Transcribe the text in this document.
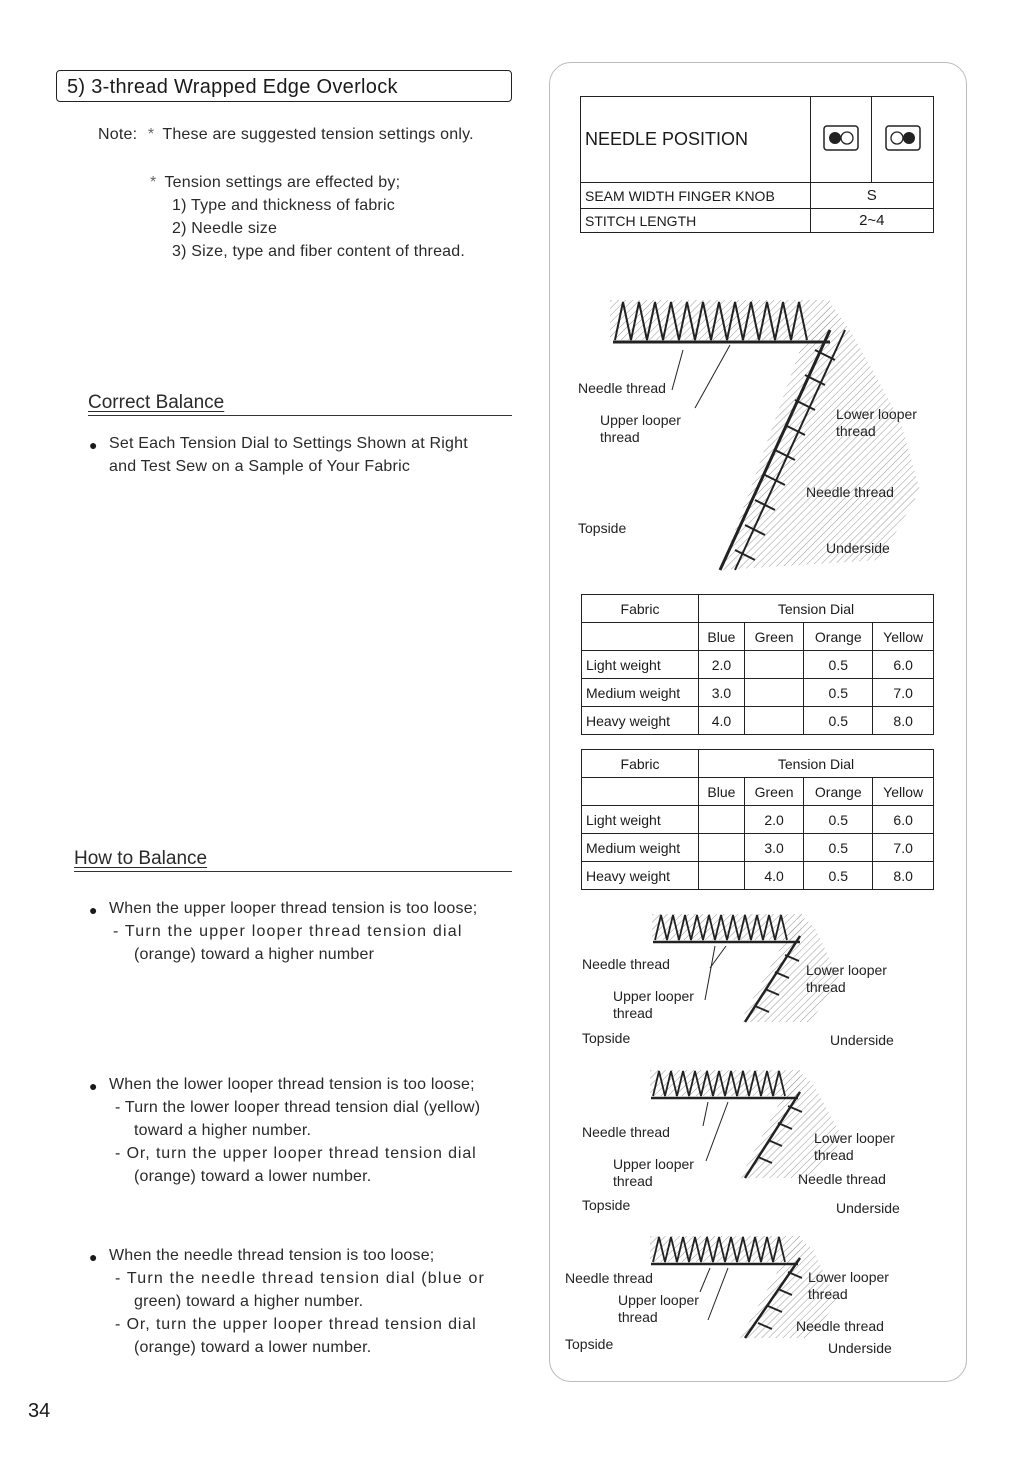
5) 3-thread Wrapped Edge Overlock
Note: * These are suggested tension settings only.
* Tension settings are effected by;
1) Type and thickness of fabric
2) Needle size
3) Size, type and fiber content of thread.
Correct Balance
● Set Each Tension Dial to Settings Shown at Right
and Test Sew on a Sample of Your Fabric
How to Balance
● When the upper looper thread tension is too loose;
- Turn the upper looper thread tension dial
(orange) toward a higher number
● When the lower looper thread tension is too loose;
- Turn the lower looper thread tension dial (yellow)
toward a higher number.
- Or, turn the upper looper thread tension dial
(orange) toward a lower number.
● When the needle thread tension is too loose;
- Turn the needle thread tension dial (blue or
green) toward a higher number.
- Or, turn the upper looper thread tension dial
(orange) toward a lower number.
NEEDLE POSITION		
SEAM WIDTH FINGER KNOB	S	
STITCH LENGTH	2~4	
Needle thread
Upper looper
thread
Lower looper
thread
Needle thread
Topside
Underside
Fabric	Tension Dial			
	Blue	Green	Orange	Yellow
Light weight	2.0		0.5	6.0
Medium weight	3.0		0.5	7.0
Heavy weight	4.0		0.5	8.0
Fabric	Tension Dial			
	Blue	Green	Orange	Yellow
Light weight		2.0	0.5	6.0
Medium weight		3.0	0.5	7.0
Heavy weight		4.0	0.5	8.0
Needle thread
Upper looper
thread
Lower looper
thread
Topside	Underside
Needle thread
Upper looper
thread
Lower looper
thread
Needle thread
Topside	Underside
Needle thread
Upper looper
thread
Lower looper
thread
Needle thread
Topside	Underside
34
